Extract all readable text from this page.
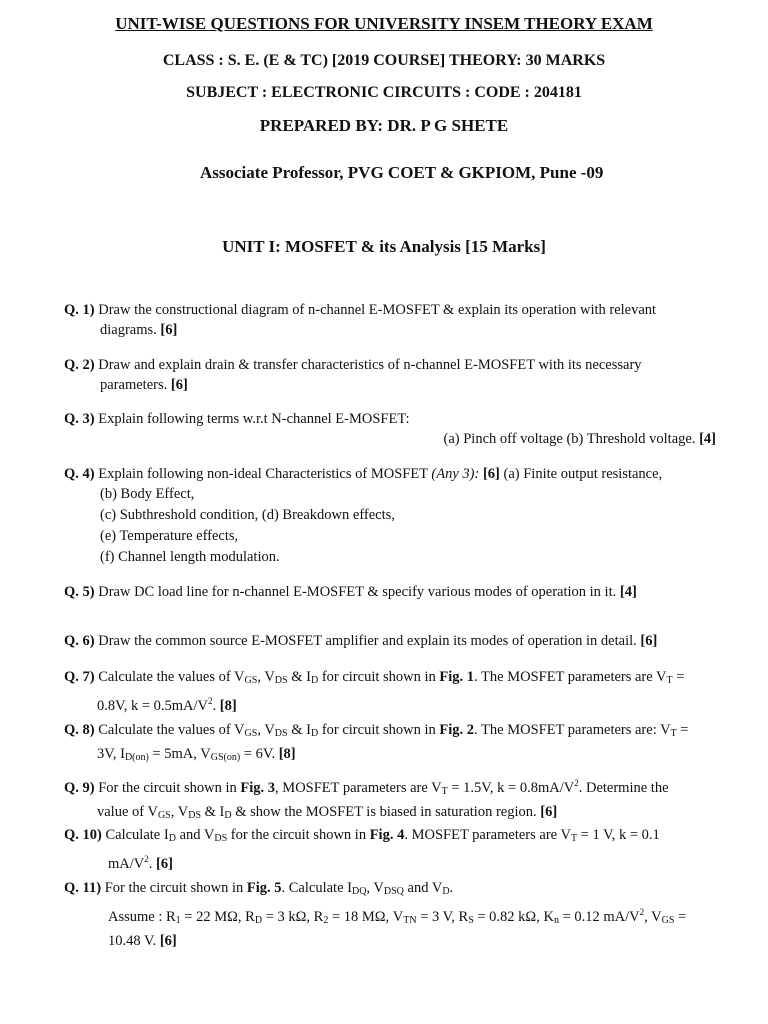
UNIT-WISE QUESTIONS FOR UNIVERSITY INSEM THEORY EXAM
CLASS : S. E. (E & TC) [2019 COURSE] THEORY: 30 MARKS
SUBJECT : ELECTRONIC CIRCUITS : CODE : 204181
PREPARED BY: DR. P G SHETE
Associate Professor, PVG COET & GKPIOM, Pune -09
UNIT I: MOSFET & its Analysis [15 Marks]
Q. 1) Draw the constructional diagram of n-channel E-MOSFET & explain its operation with relevant
diagrams. [6]
Q. 2) Draw and explain drain & transfer characteristics of n-channel E-MOSFET with its necessary
parameters. [6]
Q. 3) Explain following terms w.r.t N-channel E-MOSFET:
(a) Pinch off voltage (b) Threshold voltage. [4]
Q. 4) Explain following non-ideal Characteristics of MOSFET (Any 3): [6] (a) Finite output resistance,
(b) Body Effect,
(c) Subthreshold condition, (d) Breakdown effects,
(e) Temperature effects,
(f) Channel length modulation.
Q. 5) Draw DC load line for n-channel E-MOSFET & specify various modes of operation in it. [4]
Q. 6) Draw the common source E-MOSFET amplifier and explain its modes of operation in detail. [6]
Q. 7) Calculate the values of $V_{GS}$, $V_{DS}$ & $I_D$ for circuit shown in Fig. 1. The MOSFET parameters are $V_T$ =
0.8V, $k = 0.5mA/V^2$. [8]
Q. 8) Calculate the values of $V_{GS}$, $V_{DS}$ & $I_D$ for circuit shown in Fig. 2. The MOSFET parameters are: $V_T$ =
3V, $I_{D(on)} = 5mA$, $V_{GS(on)} = 6V$. [8]
Q. 9) For the circuit shown in Fig. 3, MOSFET parameters are $V_T = 1.5V$, $k = 0.8mA/V^2$. Determine the
value of $V_{GS}$, $V_{DS}$ & $I_D$ & show the MOSFET is biased in saturation region. [6]
Q. 10) Calculate $I_D$ and $V_{DS}$ for the circuit shown in Fig. 4. MOSFET parameters are $V_T = 1$ V, k = 0.1
$mA/V^2$. [6]
Q. 11) For the circuit shown in Fig. 5. Calculate $I_{DQ}$, $V_{DSQ}$ and $V_D$.
Assume : $R_1 = 22$ MΩ, $R_D = 3$ kΩ, $R_2 = 18$ MΩ, $V_{TN} = 3$ V, $R_S = 0.82$ kΩ, $K_n = 0.12$ $mA/V^2$, $V_{GS}$ =
10.48 V. [6]
